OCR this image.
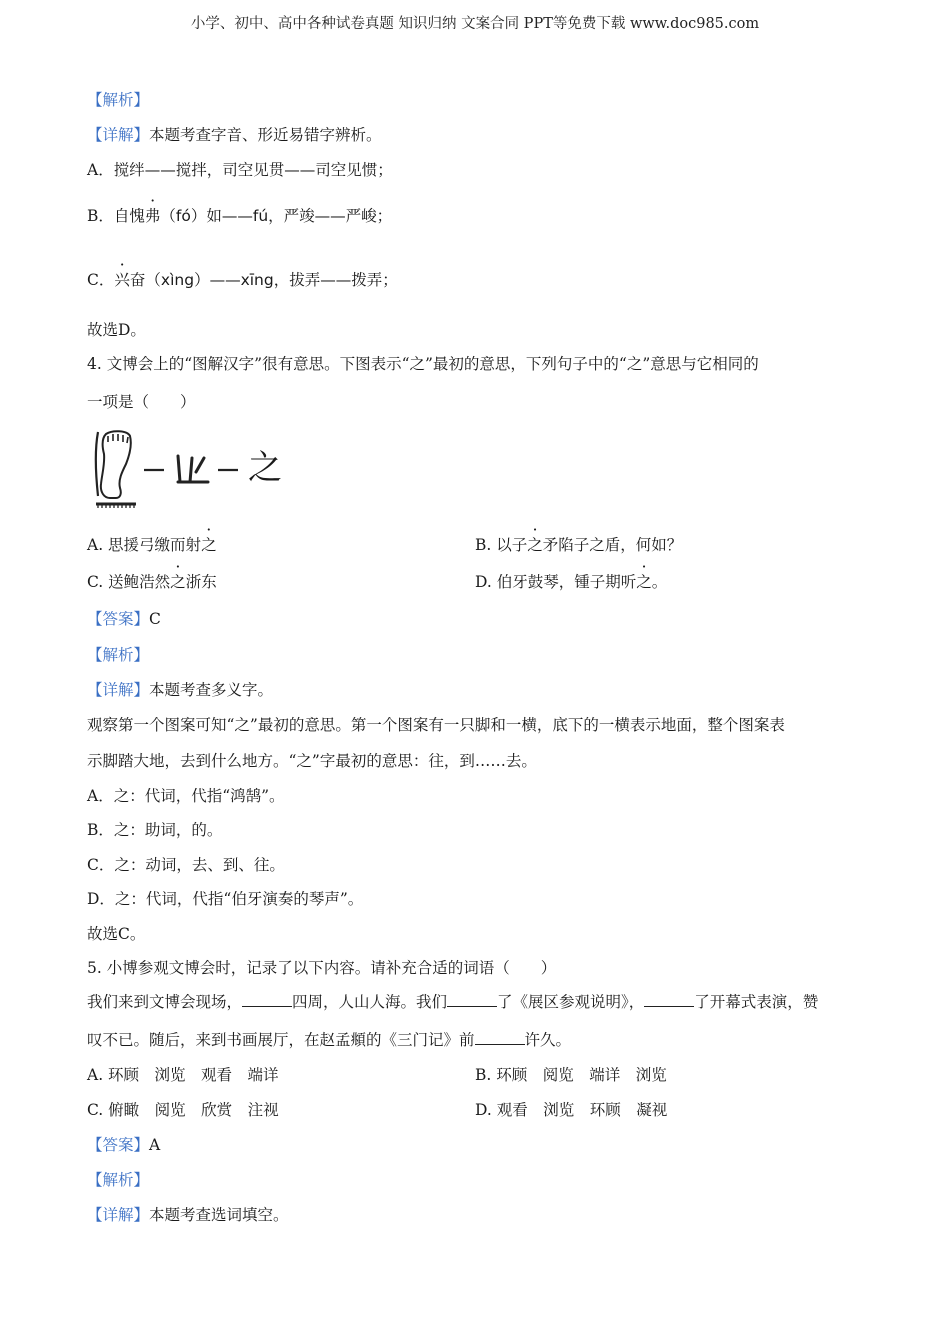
小学、初中、高中各种试卷真题 知识归纳 文案合同 PPT等免费下载 www.doc985.com
【解析】
【详解】本题考查字音、形近易错字辨析。
A．搅绊——搅拌，司空见贯——司空见惯；
B．自愧弗（fó）如——fú，严竣——严峻；
C．兴奋（xìng）——xīng，拔弄——拨弄；
故选D。
4. 文博会上的“图解汉字”很有意思。下图表示“之”最初的意思，下列句子中的“之”意思与它相同的
一项是（　　）
之
A. 思援弓缴而射之	B. 以子之矛陷子之盾，何如？
C. 送鲍浩然之浙东	D. 伯牙鼓琴，锺子期听之。
【答案】C
【解析】
【详解】本题考查多义字。
观察第一个图案可知“之”最初的意思。第一个图案有一只脚和一横，底下的一横表示地面，整个图案表
示脚踏大地，去到什么地方。“之”字最初的意思：往，到……去。
A．之：代词，代指“鸿鹄”。
B．之：助词，的。
C．之：动词，去、到、往。
D．之：代词，代指“伯牙演奏的琴声”。
故选C。
5. 小博参观文博会时，记录了以下内容。请补充合适的词语（　　）
我们来到文博会现场，	四周，人山人海。我们	了《展区参观说明》，	了开幕式表演，赞
叹不已。随后，来到书画展厅，在赵孟頫的《三门记》前	许久。
A. 环顾　浏览　观看　端详	B. 环顾　阅览　端详　浏览
C. 俯瞰　阅览　欣赏　注视	D. 观看　浏览　环顾　凝视
【答案】A
【解析】
【详解】本题考查选词填空。
